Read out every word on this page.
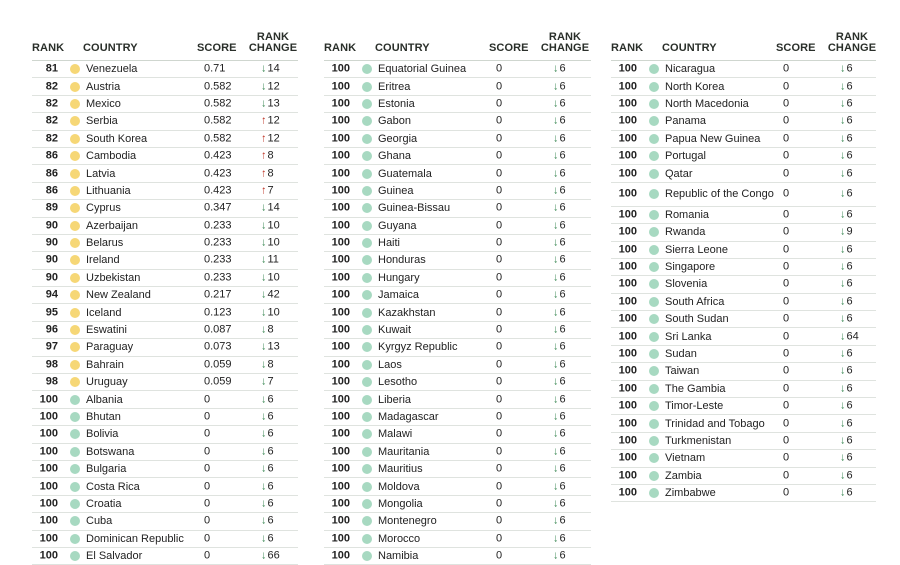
RANK COUNTRY	SCORE
RANK CHANGE
81	Venezuela	0.71	↓14
82	Austria	0.582	↓12
82	Mexico	0.582	↓13
82	Serbia	0.582	↑12
82	South Korea	0.582	↑12
86	Cambodia	0.423	↑8
86	Latvia	0.423	↑8
86	Lithuania	0.423	↑7
89	Cyprus	0.347	↓14
90	Azerbaijan	0.233	↓10
90	Belarus	0.233	↓10
90	Ireland	0.233	↓11
90	Uzbekistan	0.233	↓10
94	New Zealand	0.217	↓42
95	Iceland	0.123	↓10
96	Eswatini	0.087	↓8
97	Paraguay	0.073	↓13
98	Bahrain	0.059	↓8
98	Uruguay	0.059	↓7
100	Albania	0	↓6
100	Bhutan	0	↓6
100	Bolivia	0	↓6
100	Botswana	0	↓6
100	Bulgaria	0	↓6
100	Costa Rica	0	↓6
100	Croatia	0	↓6
100	Cuba	0	↓6
100	Dominican Republic	0	↓6
100	El Salvador	0	↓66
RANK COUNTRY	SCORE
RANK CHANGE
100	Equatorial Guinea	0	↓6
100	Eritrea	0	↓6
100	Estonia	0	↓6
100	Gabon	0	↓6
100	Georgia	0	↓6
100	Ghana	0	↓6
100	Guatemala	0	↓6
100	Guinea	0	↓6
100	Guinea-Bissau	0	↓6
100	Guyana	0	↓6
100	Haiti	0	↓6
100	Honduras	0	↓6
100	Hungary	0	↓6
100	Jamaica	0	↓6
100	Kazakhstan	0	↓6
100	Kuwait	0	↓6
100	Kyrgyz Republic	0	↓6
100	Laos	0	↓6
100	Lesotho	0	↓6
100	Liberia	0	↓6
100	Madagascar	0	↓6
100	Malawi	0	↓6
100	Mauritania	0	↓6
100	Mauritius	0	↓6
100	Moldova	0	↓6
100	Mongolia	0	↓6
100	Montenegro	0	↓6
100	Morocco	0	↓6
100	Namibia	0	↓6
RANK COUNTRY	SCORE
RANK CHANGE
100	Nicaragua	0	↓6
100	North Korea	0	↓6
100	North Macedonia	0	↓6
100	Panama	0	↓6
100	Papua New Guinea	0	↓6
100	Portugal	0	↓6
100	Qatar	0	↓6
100	Republic of the Congo 0	↓6
100	Romania	0	↓6
100	Rwanda	0	↓9
100	Sierra Leone	0	↓6
100	Singapore	0	↓6
100	Slovenia	0	↓6
100	South Africa	0	↓6
100	South Sudan	0	↓6
100	Sri Lanka	0	↓64
100	Sudan	0	↓6
100	Taiwan	0	↓6
100	The Gambia	0	↓6
100	Timor-Leste	0	↓6
100	Trinidad and Tobago	0	↓6
100	Turkmenistan	0	↓6
100	Vietnam	0	↓6
100	Zambia	0	↓6
100	Zimbabwe	0	↓6
